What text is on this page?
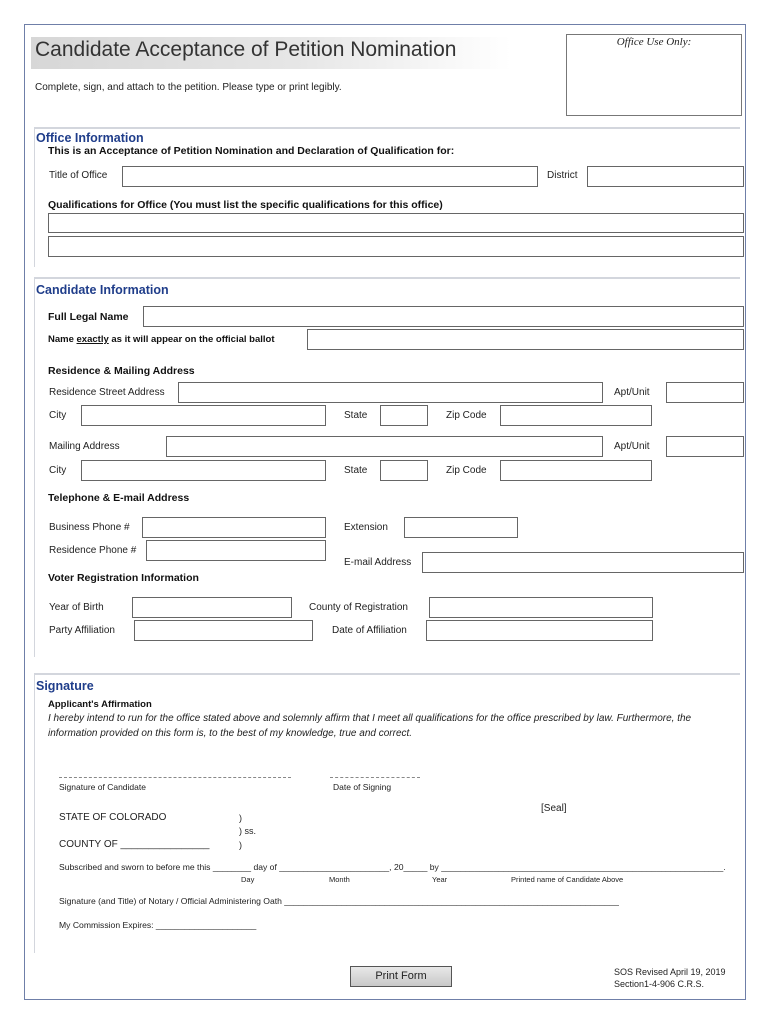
Candidate Acceptance of Petition Nomination
Complete, sign, and attach to the petition. Please type or print legibly.
Office Use Only:
Office Information
This is an Acceptance of Petition Nomination and Declaration of Qualification for:
Title of Office	District
Qualifications for Office (You must list the specific qualifications for this office)
Candidate Information
Full Legal Name
Name exactly as it will appear on the official ballot
Residence & Mailing Address
Residence Street Address	Apt/Unit
City	State	Zip Code
Mailing Address	Apt/Unit
City	State	Zip Code
Telephone & E-mail Address
Business Phone #	Extension
Residence Phone #
E-mail Address
Voter Registration Information
Year of Birth	County of Registration
Party Affiliation	Date of Affiliation
Signature
Applicant's Affirmation
I hereby intend to run for the office stated above and solemnly affirm that I meet all qualifications for the office prescribed by law. Furthermore, the information provided on this form is, to the best of my knowledge, true and correct.
Signature of Candidate	Date of Signing
[Seal]
STATE OF COLORADO	)
) ss.
COUNTY OF ________________	)
Subscribed and sworn to before me this ________ day of _______________________, 20_____ by ___________________________________________________________.
Day	Month	Year	Printed name of Candidate Above
Signature (and Title) of Notary / Official Administering Oath ______________________________________________________________________
My Commission Expires: _____________________
Print Form	SOS Revised April 19, 2019
Section1-4-906 C.R.S.
